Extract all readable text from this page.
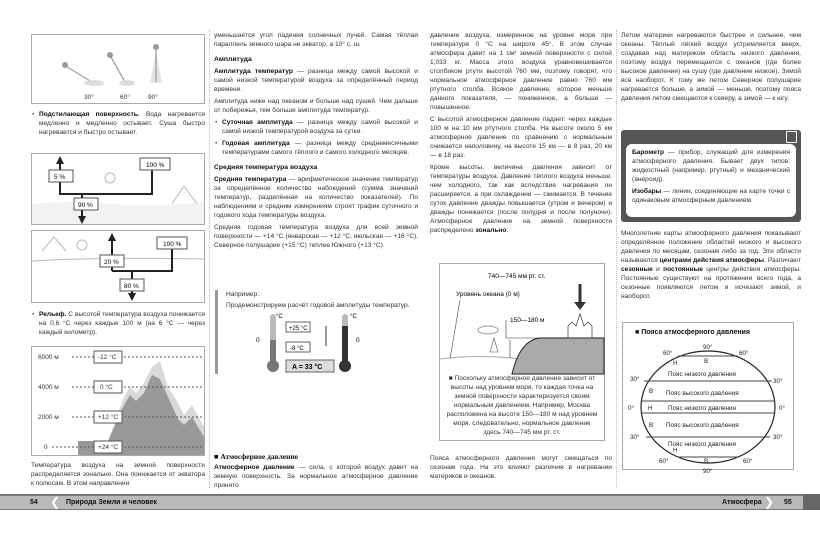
30°	60°	90°
• Подстилающая поверхность. Вода нагревается медленно и медленно остывает. Суша быстро нагревается и быстро остывает.
5 %
100 %
90 %
20 %
100 %
80 %
• Рельеф. С высотой температура воздуха понижается на 0,6 °С через каждые 100 м (на 6 °С — через каждый километр).
6000 м
4000 м
2000 м
0
-12 °С
0 °С
+12 °С
+24 °С

Температура воздуха на земной поверхности распределяется зонально. Она понижается от экватора к полюсам. В этом направлении

уменьшается угол падения солнечных лучей. Самая тёплая параллель земного шара не экватор, а 10° с. ш.

Амплитуда

Амплитуда температур — разница между самой высокой и самой низкой температурой воздуха за определённый период времени.

Амплитуда ниже над океаном и больше над сушей. Чем дальше от побережья, тем больше амплитуда температур.

• Суточная амплитуда — разница между самой высокой и самой низкой температурой воздуха за сутки.
• Годовая амплитуда — разница между среднемесячными температурами самого тёплого и самого холодного месяцев.
Средняя температура воздуха

Средняя температура — арифметическое значение температур за определённое количество наблюдений (сумма значений температур, разделённая на количество показателей). По наблюдениям и средним измерениям строят график суточного и годового хода температуры воздуха.

Средняя годовая температура воздуха для всей земной поверхности — +14 °С (январская — +12 °С, июльская — +16 °С). Северное полушарие (+15 °С) теплее Южного (+13 °С).

Например:
Продемонстрируем расчёт годовой амплитуды температур.
°С	°С
0	0
+25 °С
-8 °С
A = 33 °С
■ Атмосферное давление

Атмосферное давление — сила, с которой воздух давит на земную поверхность. За нормальное атмосферное давление принято

давление воздуха, измеренное на уровне моря при температуре 0 °С на широте 45°. В этом случае атмосфера давит на 1 см² земной поверхности с силой 1,033 кг. Масса этого воздуха уравновешивается столбиком ртути высотой 760 мм, поэтому говорят, что нормальное атмосферное давление равно 760 мм ртутного столба. Всякое давление, которое меньше данного показателя, — пониженное, а больше — повышенное.

С высотой атмосферное давление падает: через каждые 100 м на 10 мм ртутного столба. На высоте около 5 км атмосферное давление по сравнению с нормальным снижается наполовину, на высоте 15 км — в 8 раз, 20 км — в 18 раз.

Кроме высоты, величина давления зависит от температуры воздуха. Давление тёплого воздуха меньше, чем холодного, так как вследствие нагревания он расширяется, а при охлаждении — сжимается. В течение суток давление дважды повышается (утром и вечером) и дважды понижается (после полудня и после полуночи). Атмосферное давление на земной поверхности распределено зонально.

740—745 мм рт. ст.
Уровень океана (0 м)
150—180 м
■ Поскольку атмосферное давление зависит от высоты над уровнем моря, то каждая точка на земной поверхности характеризуется своим нормальным давлением. Например, Москва расположена на высоте 150—180 м над уровнем моря, следовательно, нормальное давление здесь 740—745 мм рт. ст.

Пояса атмосферного давления могут смещаться по сезонам года. На это влияют различия в нагревании материков и океанов.

Летом материки нагреваются быстрее и сильнее, чем океаны. Тёплый лёгкий воздух устремляется вверх, создавая над материком область низкого давления, поэтому воздух перемещается с океанов (где более высокое давление) на сушу (где давление низкое). Зимой всё наоборот. К тому же летом Северное полушарие нагревается больше, а зимой — меньше, поэтому пояса давления летом смещаются к северу, а зимой — к югу.

Барометр — прибор, служащий для измерения атмосферного давления. Бывает двух типов: жидкостный (например, ртутный) и механический (анероид).

Изобары — линии, соединяющие на карте точки с одинаковым атмосферным давлением.

Многолетние карты атмосферного давления показывают определённое положение областей низкого и высокого давления по месяцам, сезонам либо за год. Эти области называются центрами действия атмосферы. Различают сезонные и постоянные центры действия атмосферы. Постоянные существуют на протяжении всего года, а сезонные появляются летом и исчезают зимой, и наоборот.

■ Пояса атмосферного давления
90°
90°
60°	60°
60°	60°
30°	30°
30°	30°
0°	0°
В
Н
В
Н
В
Н
В
Пояс низкого давления
Пояс высокого давления
Пояс низкого давления
Пояс высокого давления
Пояс низкого давления
54 ❮ Природа Земли и человек	Атмосфера ❯ 55
